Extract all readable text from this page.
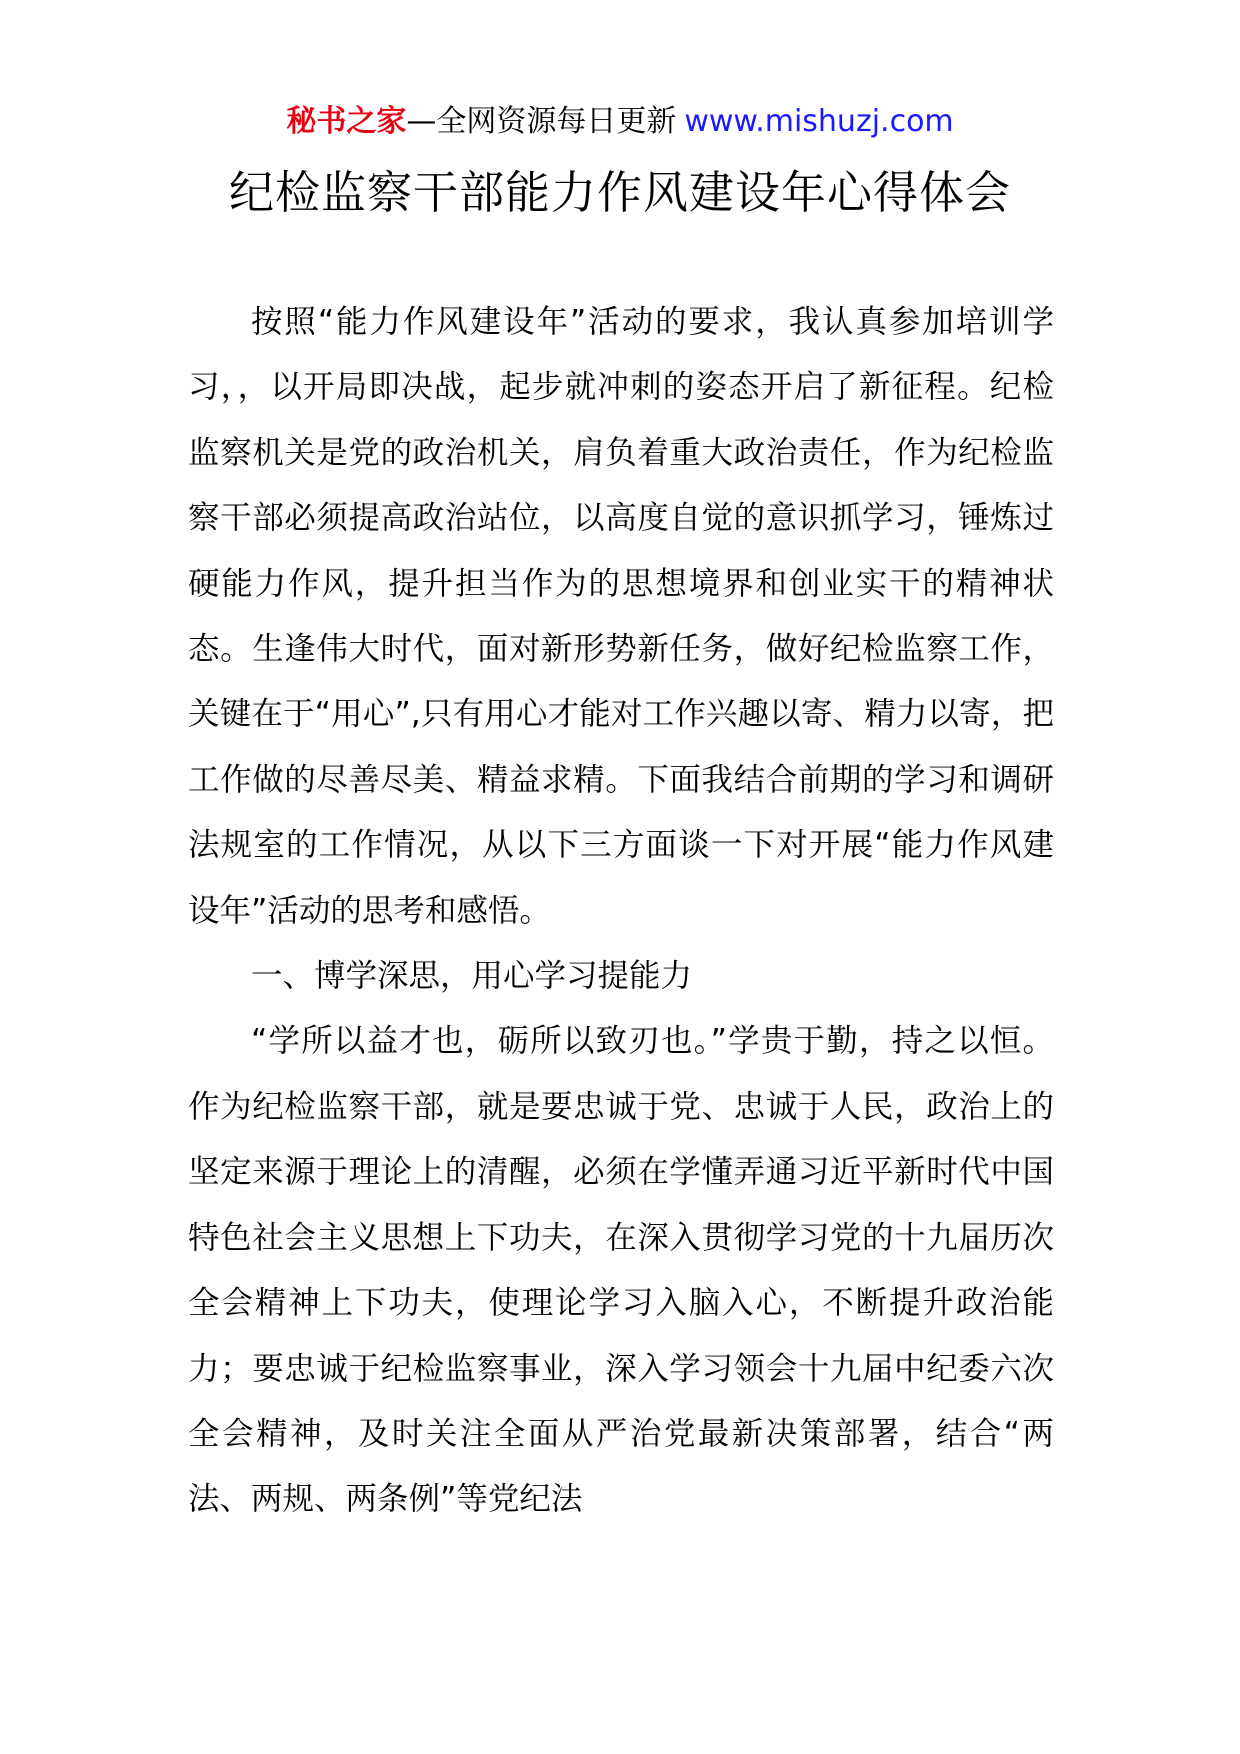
秘书之家—全网资源每日更新 www.mishuzj.com
纪检监察干部能力作风建设年心得体会

按照“能力作风建设年”活动的要求，我认真参加培训学习，，以开局即决战，起步就冲刺的姿态开启了新征程。纪检监察机关是党的政治机关，肩负着重大政治责任，作为纪检监察干部必须提高政治站位，以高度自觉的意识抓学习，锤炼过硬能力作风，提升担当作为的思想境界和创业实干的精神状态。生逢伟大时代，面对新形势新任务，做好纪检监察工作，关键在于“用心”,只有用心才能对工作兴趣以寄、精力以寄，把工作做的尽善尽美、精益求精。下面我结合前期的学习和调研法规室的工作情况，从以下三方面谈一下对开展“能力作风建设年”活动的思考和感悟。

一、博学深思，用心学习提能力

“学所以益才也，砺所以致刃也。”学贵于勤，持之以恒。作为纪检监察干部，就是要忠诚于党、忠诚于人民，政治上的坚定来源于理论上的清醒，必须在学懂弄通习近平新时代中国特色社会主义思想上下功夫，在深入贯彻学习党的十九届历次全会精神上下功夫，使理论学习入脑入心，不断提升政治能力；要忠诚于纪检监察事业，深入学习领会十九届中纪委六次全会精神，及时关注全面从严治党最新决策部署，结合“两法、两规、两条例”等党纪法
